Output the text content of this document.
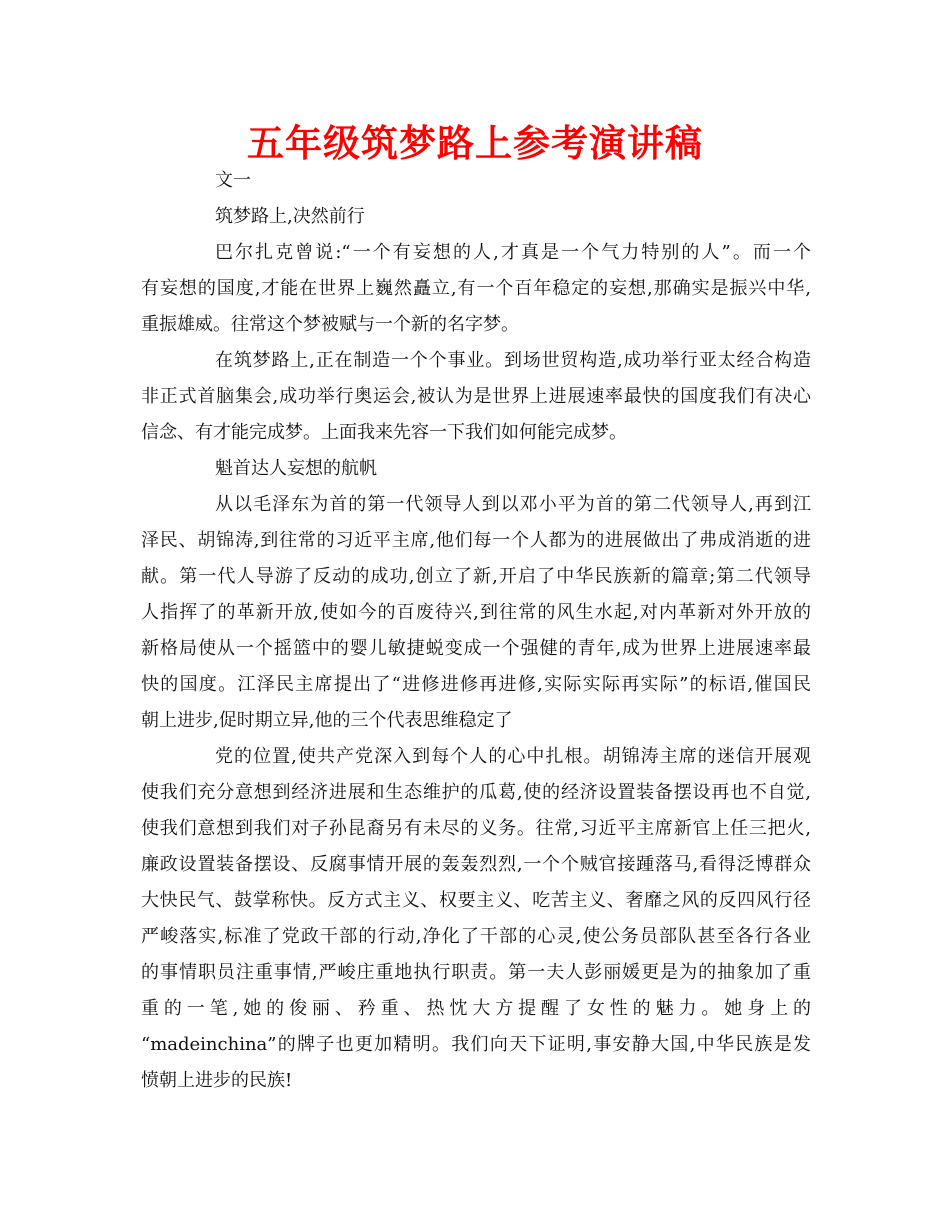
五年级筑梦路上参考演讲稿
文一
筑梦路上,决然前行
巴尔扎克曾说:“一个有妄想的人,才真是一个气力特别的人”。而一个
有妄想的国度,才能在世界上巍然矗立,有一个百年稳定的妄想,那确实是振兴中华,
重振雄威。往常这个梦被赋与一个新的名字梦。
在筑梦路上,正在制造一个个事业。到场世贸构造,成功举行亚太经合构造
非正式首脑集会,成功举行奥运会,被认为是世界上进展速率最快的国度我们有决心
信念、有才能完成梦。上面我来先容一下我们如何能完成梦。
魁首达人妄想的航帆
从以毛泽东为首的第一代领导人到以邓小平为首的第二代领导人,再到江
泽民、胡锦涛,到往常的习近平主席,他们每一个人都为的进展做出了弗成消逝的进
献。第一代人导游了反动的成功,创立了新,开启了中华民族新的篇章;第二代领导
人指挥了的革新开放,使如今的百废待兴,到往常的风生水起,对内革新对外开放的
新格局使从一个摇篮中的婴儿敏捷蜕变成一个强健的青年,成为世界上进展速率最
快的国度。江泽民主席提出了“进修进修再进修,实际实际再实际”的标语,催国民
朝上进步,促时期立异,他的三个代表思维稳定了
党的位置,使共产党深入到每个人的心中扎根。胡锦涛主席的迷信开展观
使我们充分意想到经济进展和生态维护的瓜葛,使的经济设置装备摆设再也不自觉,
使我们意想到我们对子孙昆裔另有未尽的义务。往常,习近平主席新官上任三把火,
廉政设置装备摆设、反腐事情开展的轰轰烈烈,一个个贼官接踵落马,看得泛博群众
大快民气、鼓掌称快。反方式主义、权要主义、吃苦主义、奢靡之风的反四风行径
严峻落实,标准了党政干部的行动,净化了干部的心灵,使公务员部队甚至各行各业
的事情职员注重事情,严峻庄重地执行职责。第一夫人彭丽媛更是为的抽象加了重
重的一笔,她的俊丽、矜重、热忱大方提醒了女性的魅力。她身上的
“madeinchina”的牌子也更加精明。我们向天下证明,事安静大国,中华民族是发
愤朝上进步的民族!
